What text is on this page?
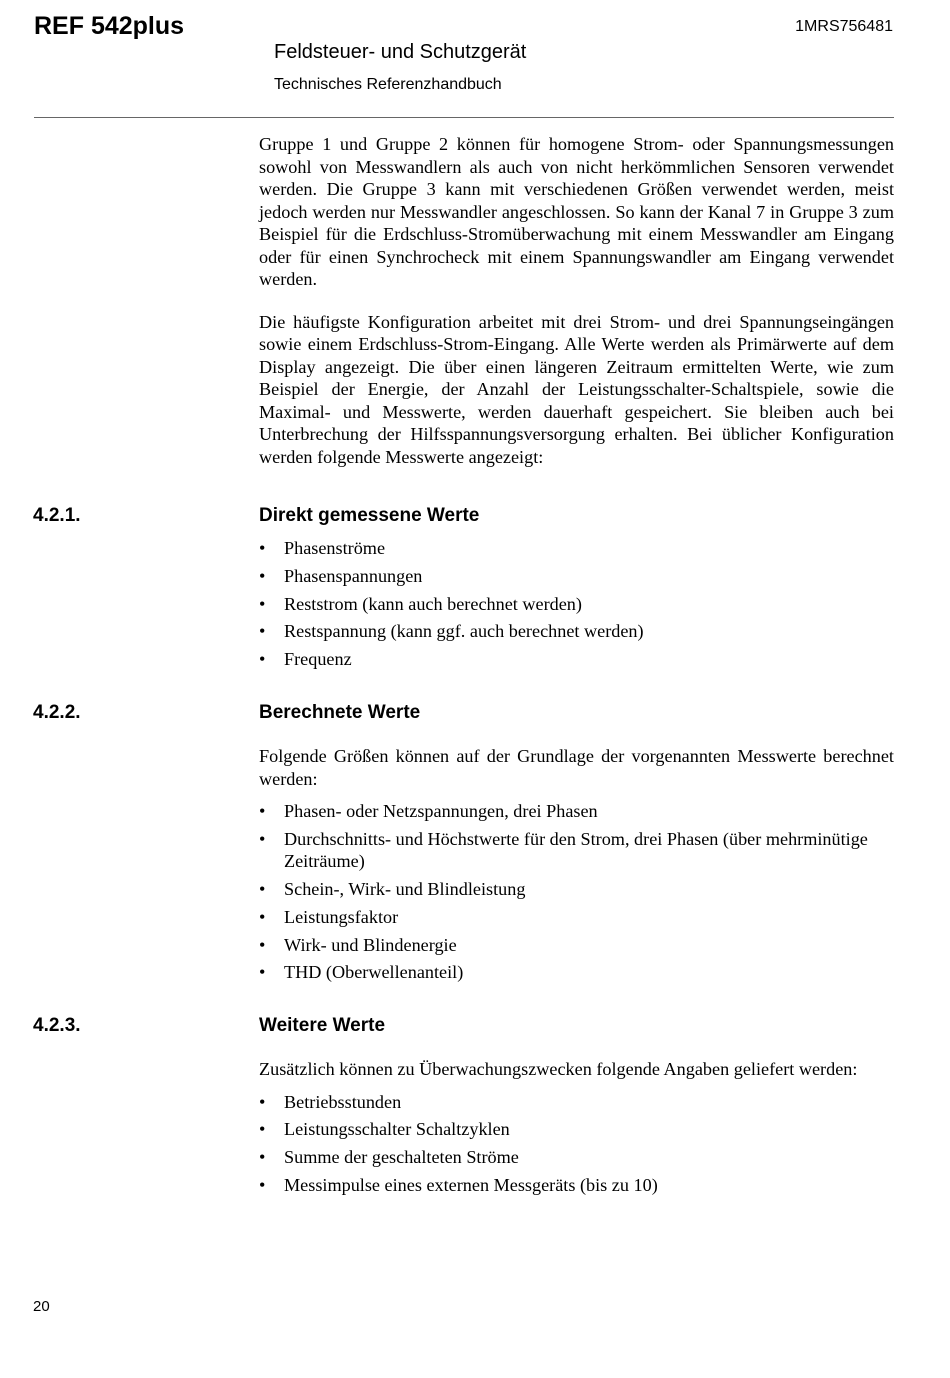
REF 542plus	1MRS756481
Feldsteuer- und Schutzgerät
Technisches Referenzhandbuch

Gruppe 1 und Gruppe 2 können für homogene Strom- oder Spannungsmessungen sowohl von Messwandlern als auch von nicht herkömmlichen Sensoren verwendet werden. Die Gruppe 3 kann mit verschiedenen Größen verwendet werden, meist jedoch werden nur Messwandler angeschlossen. So kann der Kanal 7 in Gruppe 3 zum Beispiel für die Erdschluss-Stromüberwachung mit einem Messwandler am Eingang oder für einen Synchrocheck mit einem Spannungswandler am Eingang verwendet werden.

Die häufigste Konfiguration arbeitet mit drei Strom- und drei Spannungseingängen sowie einem Erdschluss-Strom-Eingang. Alle Werte werden als Primärwerte auf dem Display angezeigt. Die über einen längeren Zeitraum ermittelten Werte, wie zum Beispiel der Energie, der Anzahl der Leistungsschalter-Schaltspiele, sowie die Maximal- und Messwerte, werden dauerhaft gespeichert. Sie bleiben auch bei Unterbrechung der Hilfsspannungsversorgung erhalten. Bei üblicher Konfiguration werden folgende Messwerte angezeigt:

4.2.1.	Direkt gemessene Werte
• Phasenströme
• Phasenspannungen
• Reststrom (kann auch berechnet werden)
• Restspannung (kann ggf. auch berechnet werden)
• Frequenz
4.2.2.	Berechnete Werte

Folgende Größen können auf der Grundlage der vorgenannten Messwerte berechnet werden:

• Phasen- oder Netzspannungen, drei Phasen
• Durchschnitts- und Höchstwerte für den Strom, drei Phasen (über mehrminütige Zeiträume)
• Schein-, Wirk- und Blindleistung
• Leistungsfaktor
• Wirk- und Blindenergie
• THD (Oberwellenanteil)
4.2.3.	Weitere Werte

Zusätzlich können zu Überwachungszwecken folgende Angaben geliefert werden:

• Betriebsstunden
• Leistungsschalter Schaltzyklen
• Summe der geschalteten Ströme
• Messimpulse eines externen Messgeräts (bis zu 10)
20
